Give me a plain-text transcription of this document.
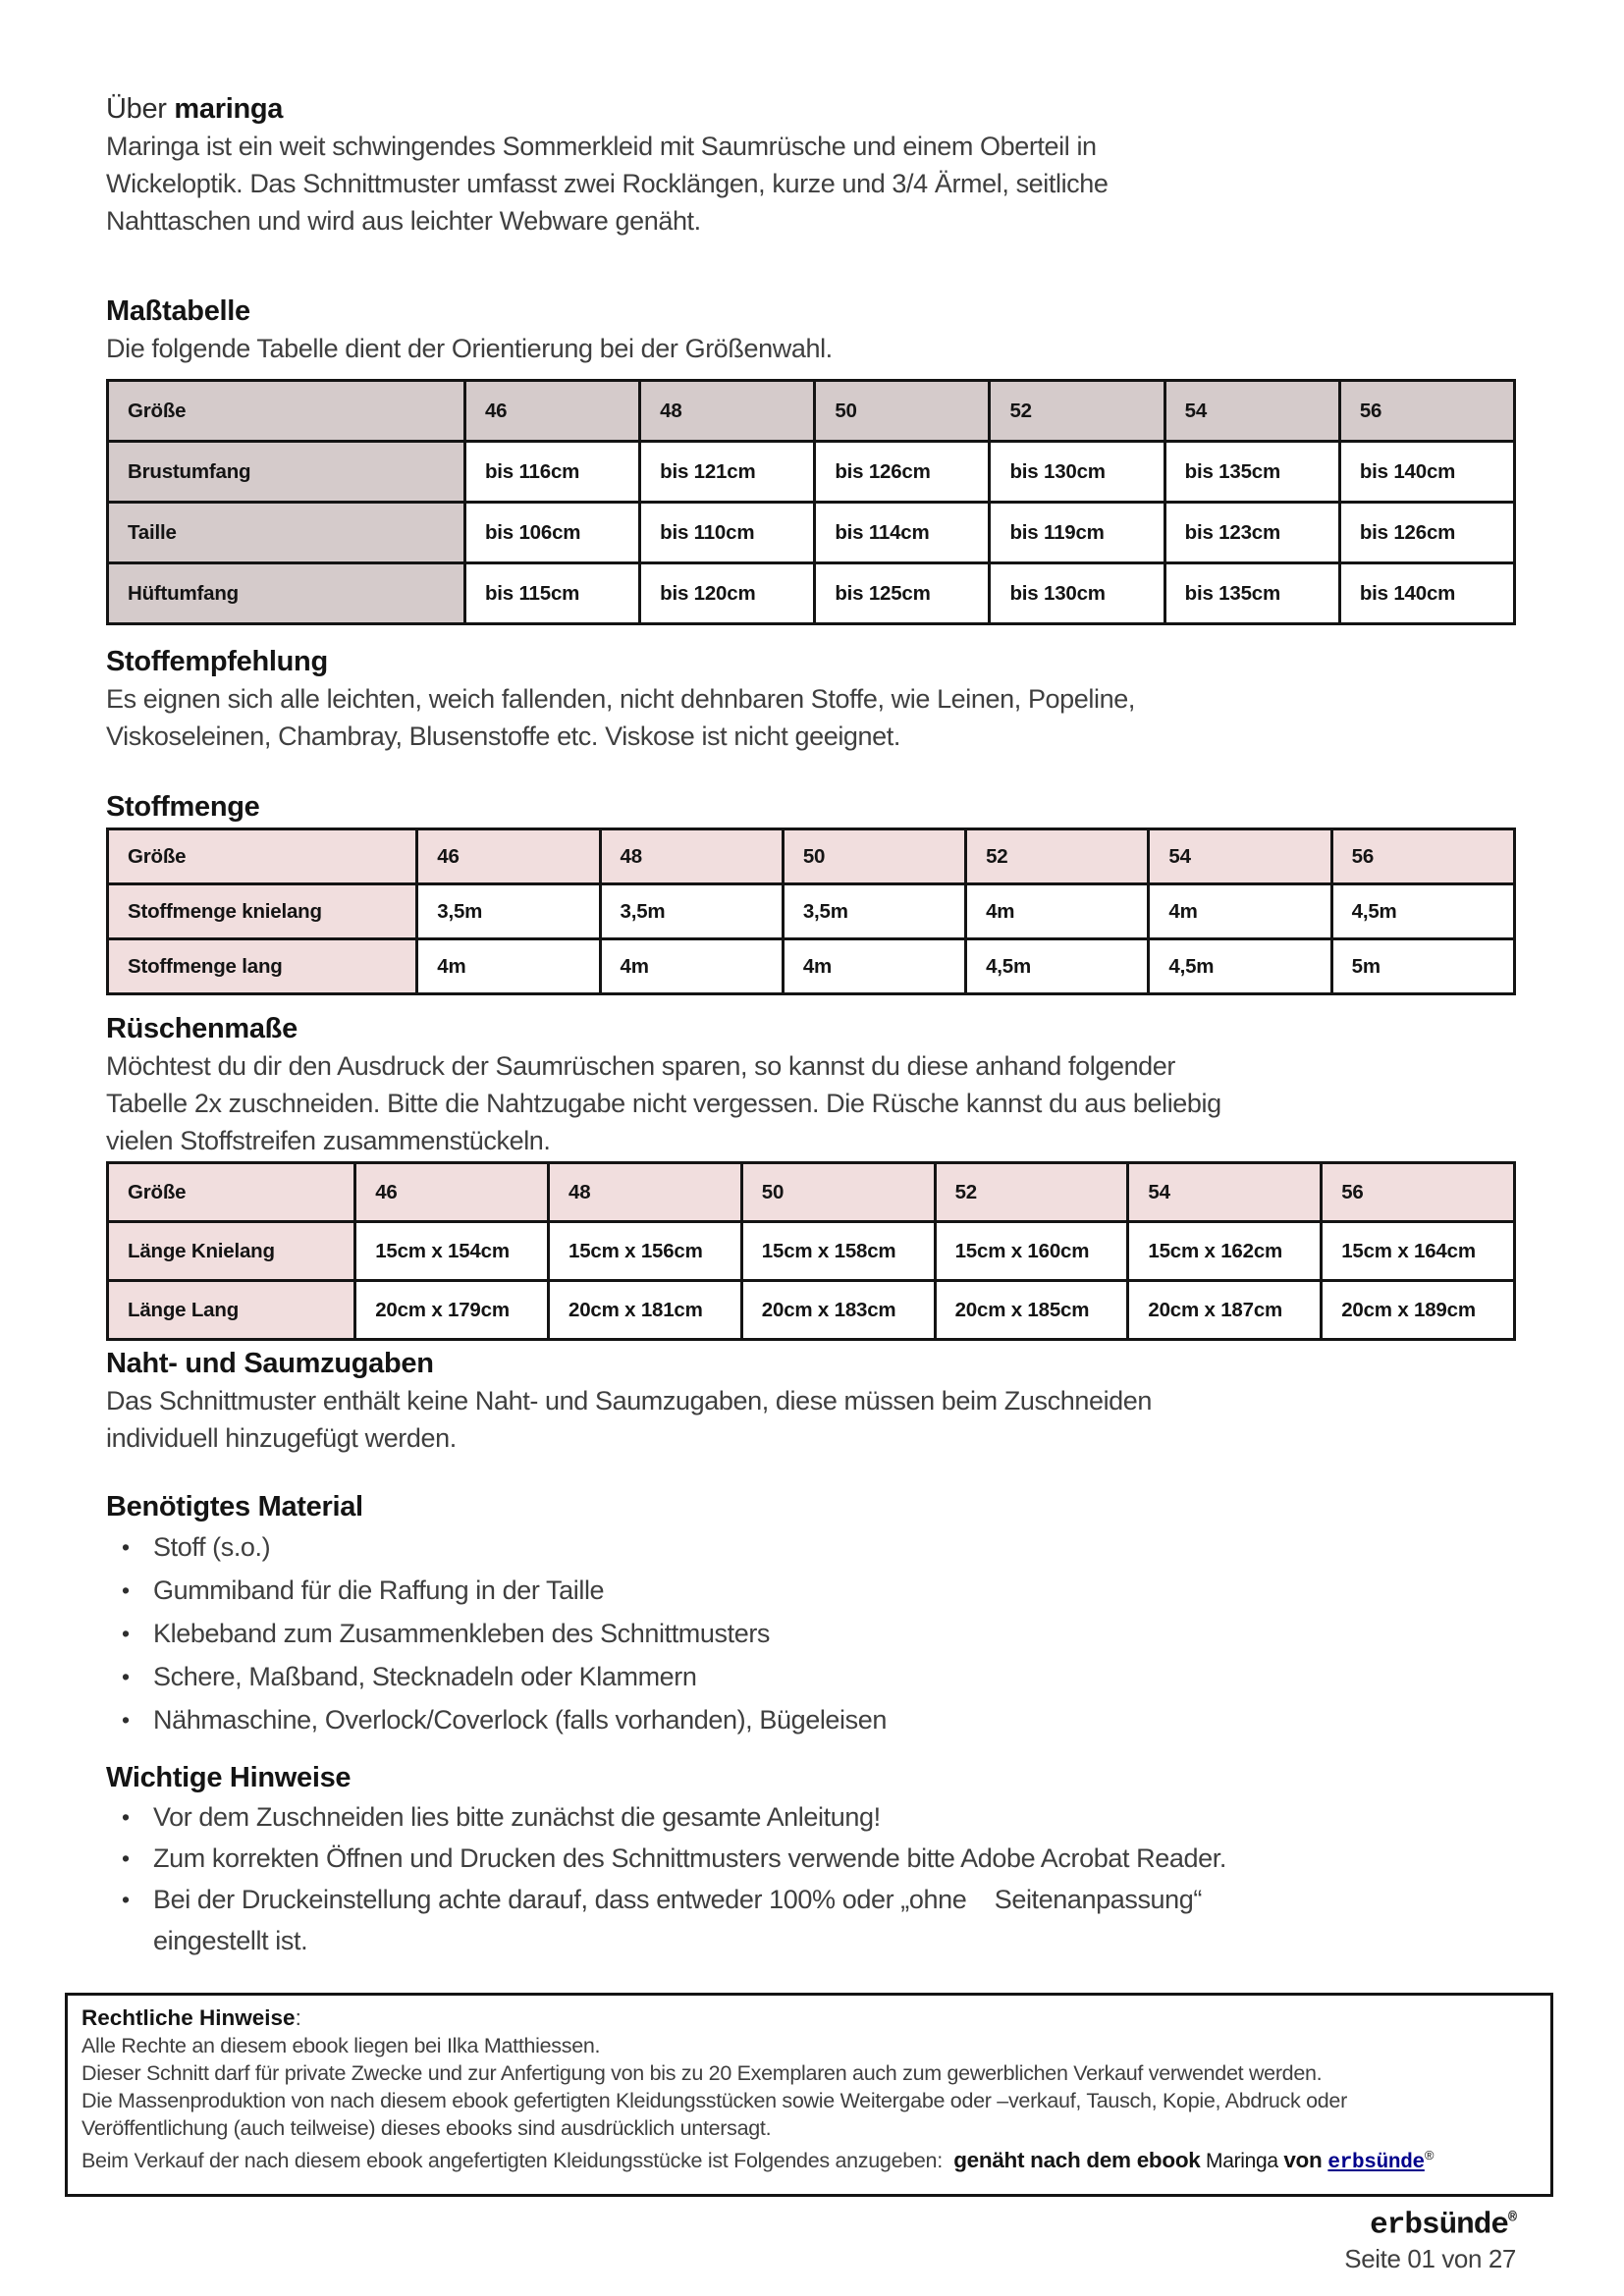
Über maringa
Maringa ist ein weit schwingendes Sommerkleid mit Saumrüsche und einem Oberteil in
Wickeloptik. Das Schnittmuster umfasst zwei Rocklängen, kurze und 3/4 Ärmel, seitliche
Nahttaschen und wird aus leichter Webware genäht.
Maßtabelle
Die folgende Tabelle dient der Orientierung bei der Größenwahl.
Größe	46	48	50	52	54	56
Brustumfang	bis 116cm	bis 121cm	bis 126cm	bis 130cm	bis 135cm	bis 140cm
Taille	bis 106cm	bis 110cm	bis 114cm	bis 119cm	bis 123cm	bis 126cm
Hüftumfang	bis 115cm	bis 120cm	bis 125cm	bis 130cm	bis 135cm	bis 140cm
Stoffempfehlung
Es eignen sich alle leichten, weich fallenden, nicht dehnbaren Stoffe, wie Leinen, Popeline,
Viskoseleinen, Chambray, Blusenstoffe etc. Viskose ist nicht geeignet.
Stoffmenge
Größe	46	48	50	52	54	56
Stoffmenge knielang	3,5m	3,5m	3,5m	4m	4m	4,5m
Stoffmenge lang	4m	4m	4m	4,5m	4,5m	5m
Rüschenmaße
Möchtest du dir den Ausdruck der Saumrüschen sparen, so kannst du diese anhand folgender
Tabelle 2x zuschneiden. Bitte die Nahtzugabe nicht vergessen. Die Rüsche kannst du aus beliebig
vielen Stoffstreifen zusammenstückeln.
Größe	46	48	50	52	54	56
Länge Knielang	15cm x 154cm	15cm x 156cm	15cm x 158cm	15cm x 160cm	15cm x 162cm	15cm x 164cm
Länge Lang	20cm x 179cm	20cm x 181cm	20cm x 183cm	20cm x 185cm	20cm x 187cm	20cm x 189cm
Naht- und Saumzugaben
Das Schnittmuster enthält keine Naht- und Saumzugaben, diese müssen beim Zuschneiden
individuell hinzugefügt werden.
Benötigtes Material
• Stoff (s.o.)
• Gummiband für die Raffung in der Taille
• Klebeband zum Zusammenkleben des Schnittmusters
• Schere, Maßband, Stecknadeln oder Klammern
• Nähmaschine, Overlock/Coverlock (falls vorhanden), Bügeleisen
Wichtige Hinweise
• Vor dem Zuschneiden lies bitte zunächst die gesamte Anleitung!
• Zum korrekten Öffnen und Drucken des Schnittmusters verwende bitte Adobe Acrobat Reader.
• Bei der Druckeinstellung achte darauf, dass entweder 100% oder „ohne    Seitenanpassung“
eingestellt ist.
Rechtliche Hinweise:
Alle Rechte an diesem ebook liegen bei Ilka Matthiessen.
Dieser Schnitt darf für private Zwecke und zur Anfertigung von bis zu 20 Exemplaren auch zum gewerblichen Verkauf verwendet werden.
Die Massenproduktion von nach diesem ebook gefertigten Kleidungsstücken sowie Weitergabe oder –verkauf, Tausch, Kopie, Abdruck oder
Veröffentlichung (auch teilweise) dieses ebooks sind ausdrücklich untersagt.
Beim Verkauf der nach diesem ebook angefertigten Kleidungsstücke ist Folgendes anzugeben:  genäht nach dem ebook Maringa von erbsünde®
erbsünde®
Seite 01 von 27
